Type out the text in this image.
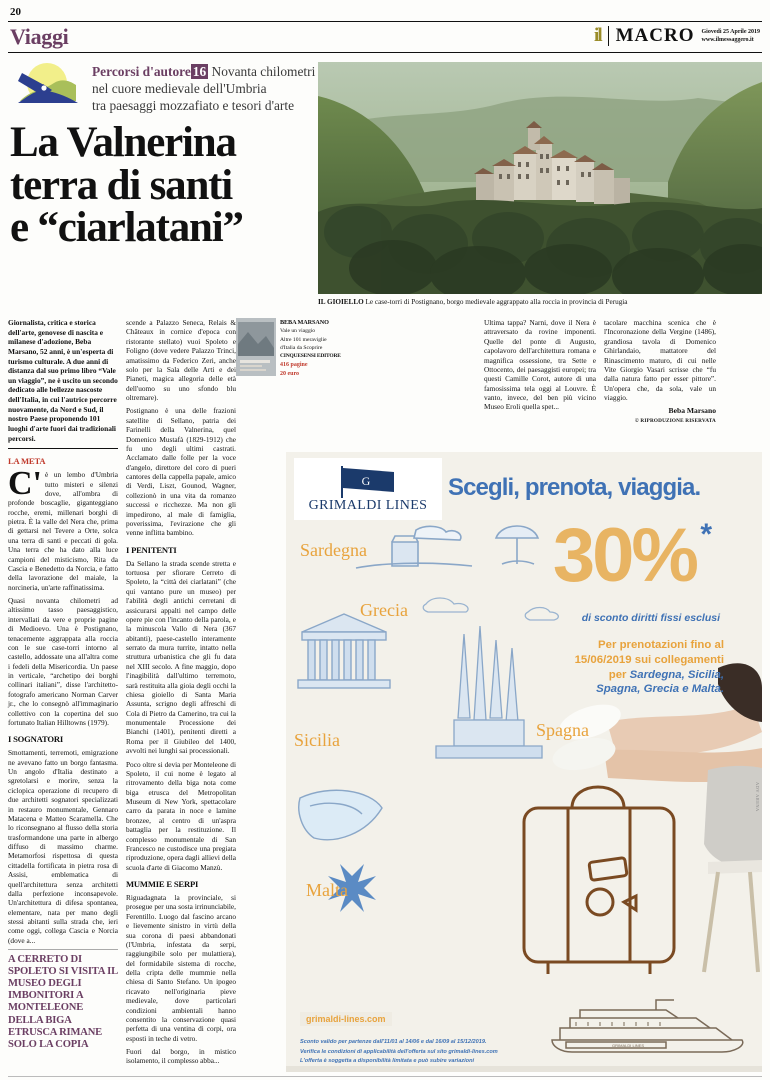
20
Viaggi	il MACRO Giovedì 25 Aprile 2019
www.ilmessaggero.it
Percorsi d'autore 16 Novanta chilometri
nel cuore medievale dell'Umbria
tra paesaggi mozzafiato e tesori d'arte
La Valnerina
terra di santi
e “ciarlatani”
IL GIOIELLO Le case-torri di Postignano, borgo medievale aggrappato alla roccia in provincia di Perugia

Giornalista, critica e storica dell'arte, genovese di nascita e milanese d'adozione, Beba Marsano, 52 anni, è un'esperta di turismo culturale. A due anni di distanza dal suo primo libro “Vale un viaggio”, ne è uscito un secondo dedicato alle bellezze nascoste dell'Italia, in cui l'autrice percorre nuovamente, da Nord e Sud, il nostro Paese proponendo 101 luoghi d'arte fuori dai tradizionali percorsi.

LA META

C'è un lembo d'Umbria tutto misteri e silenzi dove, all'ombra di profonde boscaglie, giganteggiano rocche, eremi, millenari borghi di pietra. È la valle del Nera che, prima di gettarsi nel Tevere a Orte, solca una terra di santi e peccati di gola. Una terra che ha dato alla luce campioni del misticismo, Rita da Cascia e Benedetto da Norcia, e fatto della lavorazione del maiale, la norcineria, un'arte raffinatissima.

Quasi novanta chilometri ad altissimo tasso paesaggistico, intervallati da vere e proprie pagine di Medioevo. Una è Postignano, tenacemente aggrappata alla roccia con le sue case-torri intorno al castello, addossate una all'altra come i fedeli della Misericordia. Un paese in verticale, “archetipo dei borghi collinari italiani”, disse l'architetto-fotografo americano Norman Carver jr., che lo consegnò all'immaginario collettivo con la copertina del suo fortunato Italian Hilltowns (1979).

I SOGNATORI

Smottamenti, terremoti, emigrazione ne avevano fatto un borgo fantasma. Un angolo d'Italia destinato a sgretolarsi e morire, senza la ciclopica operazione di recupero di due architetti sognatori specializzati in restauro monumentale, Gennaro Matacena e Matteo Scaramella. Che lo riconsegnano al flusso della storia trasformandone una parte in albergo diffuso di massimo charme. Metamorfosi rispettosa di questa cittadella fortificata in pietra rosa di Assisi, emblematica di quell'architettura senza architetti dalla perfezione inconsapevole. Un'architettura di difesa spontanea, elementare, nata per mano degli stessi abitanti sulla strada che, ieri come oggi, collega Cascia e Norcia (dove a...

A CERRETO DI SPOLETO SI VISITA IL MUSEO DEGLI IMBONITORI A MONTELEONE DELLA BIGA ETRUSCA RIMANE SOLO LA COPIA

scende a Palazzo Seneca, Relais & Châteaux in cornice d'epoca con ristorante stellato) vuoi Spoleto e Foligno (dove vedere Palazzo Trinci, amatissimo da Federico Zeri, anche solo per la Sala delle Arti e dei Pianeti, magica allegoria delle età dell'uomo su uno sfondo blu oltremare).

Postignano è una delle frazioni satellite di Sellano, patria dei Farinelli della Valnerina, quel Domenico Mustafà (1829-1912) che fu uno degli ultimi castrati. Acclamato dalle folle per la voce d'angelo, direttore del coro di pueri cantores della cappella papale, amico di Verdi, Liszt, Gounod, Wagner, collezionò in una vita da romanzo successi e ricchezze. Ma non gli impedirono, al male di famiglia, poverissima, l'evirazione che gli venne inflitta bambino.

I PENITENTI

Da Sellano la strada scende stretta e tortuosa per sfiorare Cerreto di Spoleto, la “città dei ciarlatani” (che qui vantano pure un museo) per l'abilità degli antichi cerretani di assicurarsi appalti nel campo delle opere pie con l'incanto della parola, e la minuscola Vallo di Nera (367 abitanti), paese-castello interamente serrato da mura turrite, intatto nella struttura urbanistica che gli fu data nel XIII secolo. A fine maggio, dopo l'inagibilità dall'ultimo terremoto, sarà restituita alla gioia degli occhi la chiesa gioiello di Santa Maria Assunta, scrigno degli affreschi di Cola di Pietro da Camerino, tra cui la monumentale Processione dei Bianchi (1401), penitenti diretti a Roma per il Giubileo del 1400, avvolti nei lunghi sai processionali.

Poco oltre si devia per Monteleone di Spoleto, il cui nome è legato al ritrovamento della biga nota come biga etrusca del Metropolitan Museum di New York, spettacolare carro da parata in noce e lamine bronzee, al centro di un'aspra battaglia per la restituzione. Il complesso monumentale di San Francesco ne custodisce una pregiata riproduzione, opera dagli allievi della scuola d'arte di Giacomo Manzù.

MUMMIE E SERPI

Riguadagnata la provinciale, si prosegue per una sosta irrinunciabile, Ferentillo. Luogo dal fascino arcano e lievemente sinistro in virtù della sua corona di paesi abbandonati (l'Umbria, infestata da serpi, raggiungibile solo per mulattiera), del formidabile sistema di rocche, della cripta delle mummie nella chiesa di Santo Stefano. Un ipogeo ricavato nell'originaria pieve medievale, dove particolari condizioni ambientali hanno consentito la conservazione quasi perfetta di una ventina di corpi, ora esposti in teche di vetro.

Fuori dal borgo, in mistico isolamento, il complesso abba...

Ultima tappa? Narni, dove il Nera è attraversato da rovine imponenti. Quelle del ponte di Augusto, capolavoro dell'architettura romana e magnifica ossessione, tra Sette e Ottocento, dei paesaggisti europei; tra questi Camille Corot, autore di una famosissima tela oggi al Louvre. È vanto, invece, del ben più vicino Museo Eroli quella spet...

tacolare macchina scenica che è l'Incoronazione della Vergine (1486), grandiosa tavola di Domenico Ghirlandaio, mattatore del Rinascimento maturo, di cui nelle Vite Giorgio Vasari scrisse che “fu dalla natura fatto per esser pittore”. Un'opera che, da sola, vale un viaggio.

Beba Marsano
© RIPRODUZIONE RISERVATA
BEBA MARSANO
Vale un viaggio
Altre 101 meraviglie
d'Italia da Scoprire
CINQUESENSI EDITORE
416 pagine
20 euro
G
GRIMALDI LINES
Scegli, prenota, viaggia.
Sardegna
Grecia
Sicilia	Spagna
Malta
30% *
di sconto diritti fissi esclusi
Per prenotazioni fino al
15/06/2019 sui collegamenti
per Sardegna, Sicilia,
Spagna, Grecia e Malta.
grimaldi-lines.com
Sconto valido per partenze dall'11/01 al 14/06 e dal 16/09 al 15/12/2019.
Verifica le condizioni di applicabilità dell'offerta sul sito grimaldi-lines.com
L'offerta è soggetta a disponibilità limitata e può subire variazioni
GRIMALDI LINES
ADV ARENA
